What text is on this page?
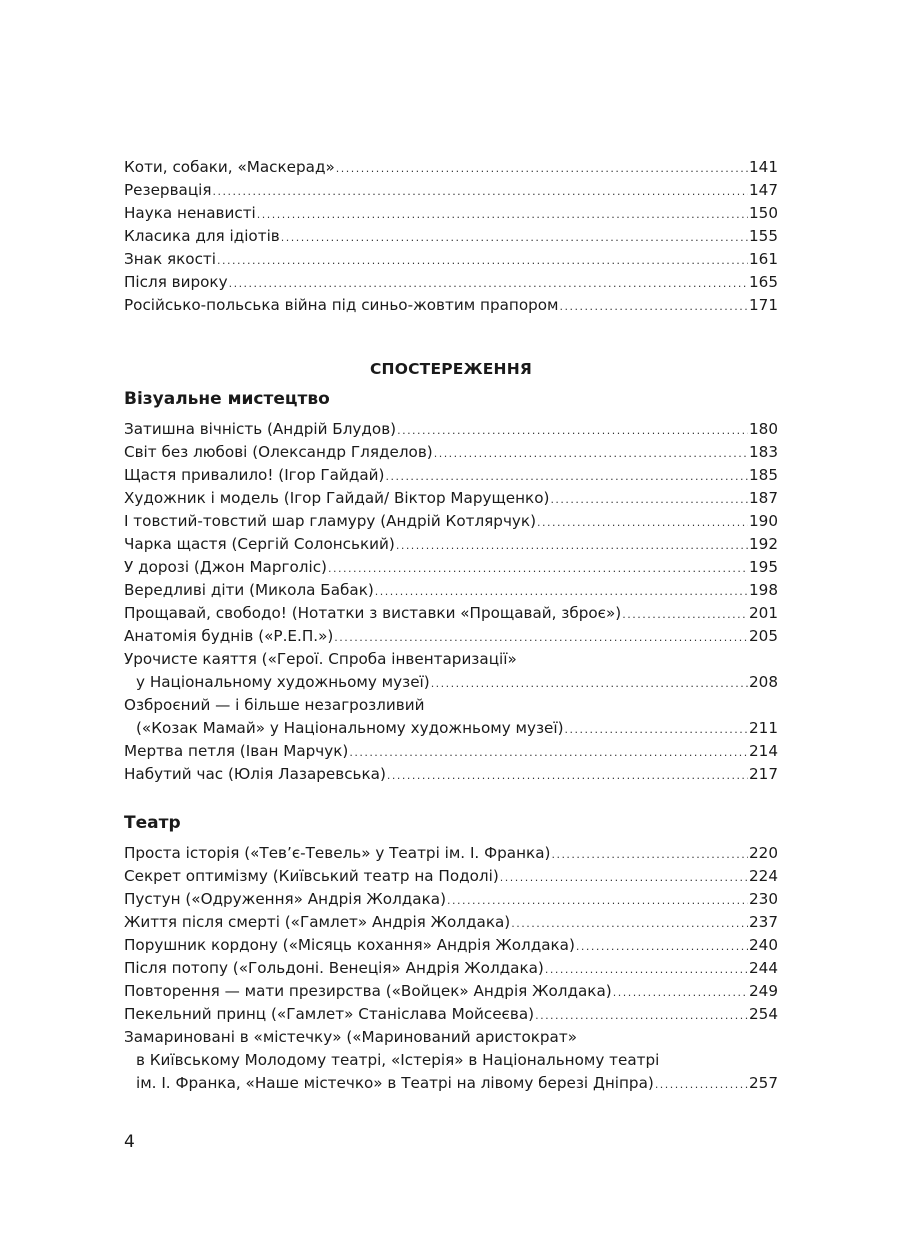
Коти, собаки, «Маскерад» . . .	141
Резервація . . .	147
Наука ненависті . . .	150
Класика для ідіотів . . .	155
Знак якості . . .	161
Після вироку . . .	165
Російсько-польська війна під синьо-жовтим прапором . . .	171
СПОСТЕРЕЖЕННЯ
Візуальне мистецтво
Затишна вічність (Андрій Блудов) . . .	180
Світ без любові (Олександр Гляделов) . . .	183
Щастя привалило! (Ігор Гайдай) . . .	185
Художник і модель (Ігор Гайдай/ Віктор Марущенко) . . .	187
І товстий-товстий шар гламуру (Андрій Котлярчук) . . .	190
Чарка щастя (Сергій Солонський) . . .	192
У дорозі (Джон Марголіс) . . .	195
Вередливі діти (Микола Бабак) . . .	198
Прощавай, свободо! (Нотатки з виставки «Прощавай, зброє») . . .	201
Анатомія буднів («Р.Е.П.») . . .	205
Урочисте каяття («Герої. Спроба інвентаризації»
у Національному художньому музеї) . . .	208
Озброєний — і більше незагрозливий
(«Козак Мамай» у Національному художньому музеї) . . .	211
Мертва петля (Іван Марчук) . . .	214
Набутий час (Юлія Лазаревська) . . .	217
Театр
Проста історія («Тев’є-Тевель» у Театрі ім. І. Франка) . . .	220
Секрет оптимізму (Київський театр на Подолі) . . .	224
Пустун («Одруження» Андрія Жолдака) . . .	230
Життя після смерті («Гамлет» Андрія Жолдака) . . .	237
Порушник кордону («Місяць кохання» Андрія Жолдака) . . .	240
Після потопу («Гольдоні. Венеція» Андрія Жолдака) . . .	244
Повторення — мати презирства («Войцек» Андрія Жолдака) . . .	249
Пекельний принц («Гамлет» Станіслава Мойсеєва) . . .	254
Замариновані в «містечку» («Маринований аристократ»
в Київському Молодому театрі, «Істерія» в Національному театрі
ім. І. Франка, «Наше містечко» в Театрі на лівому березі Дніпра) . . .	257
4
